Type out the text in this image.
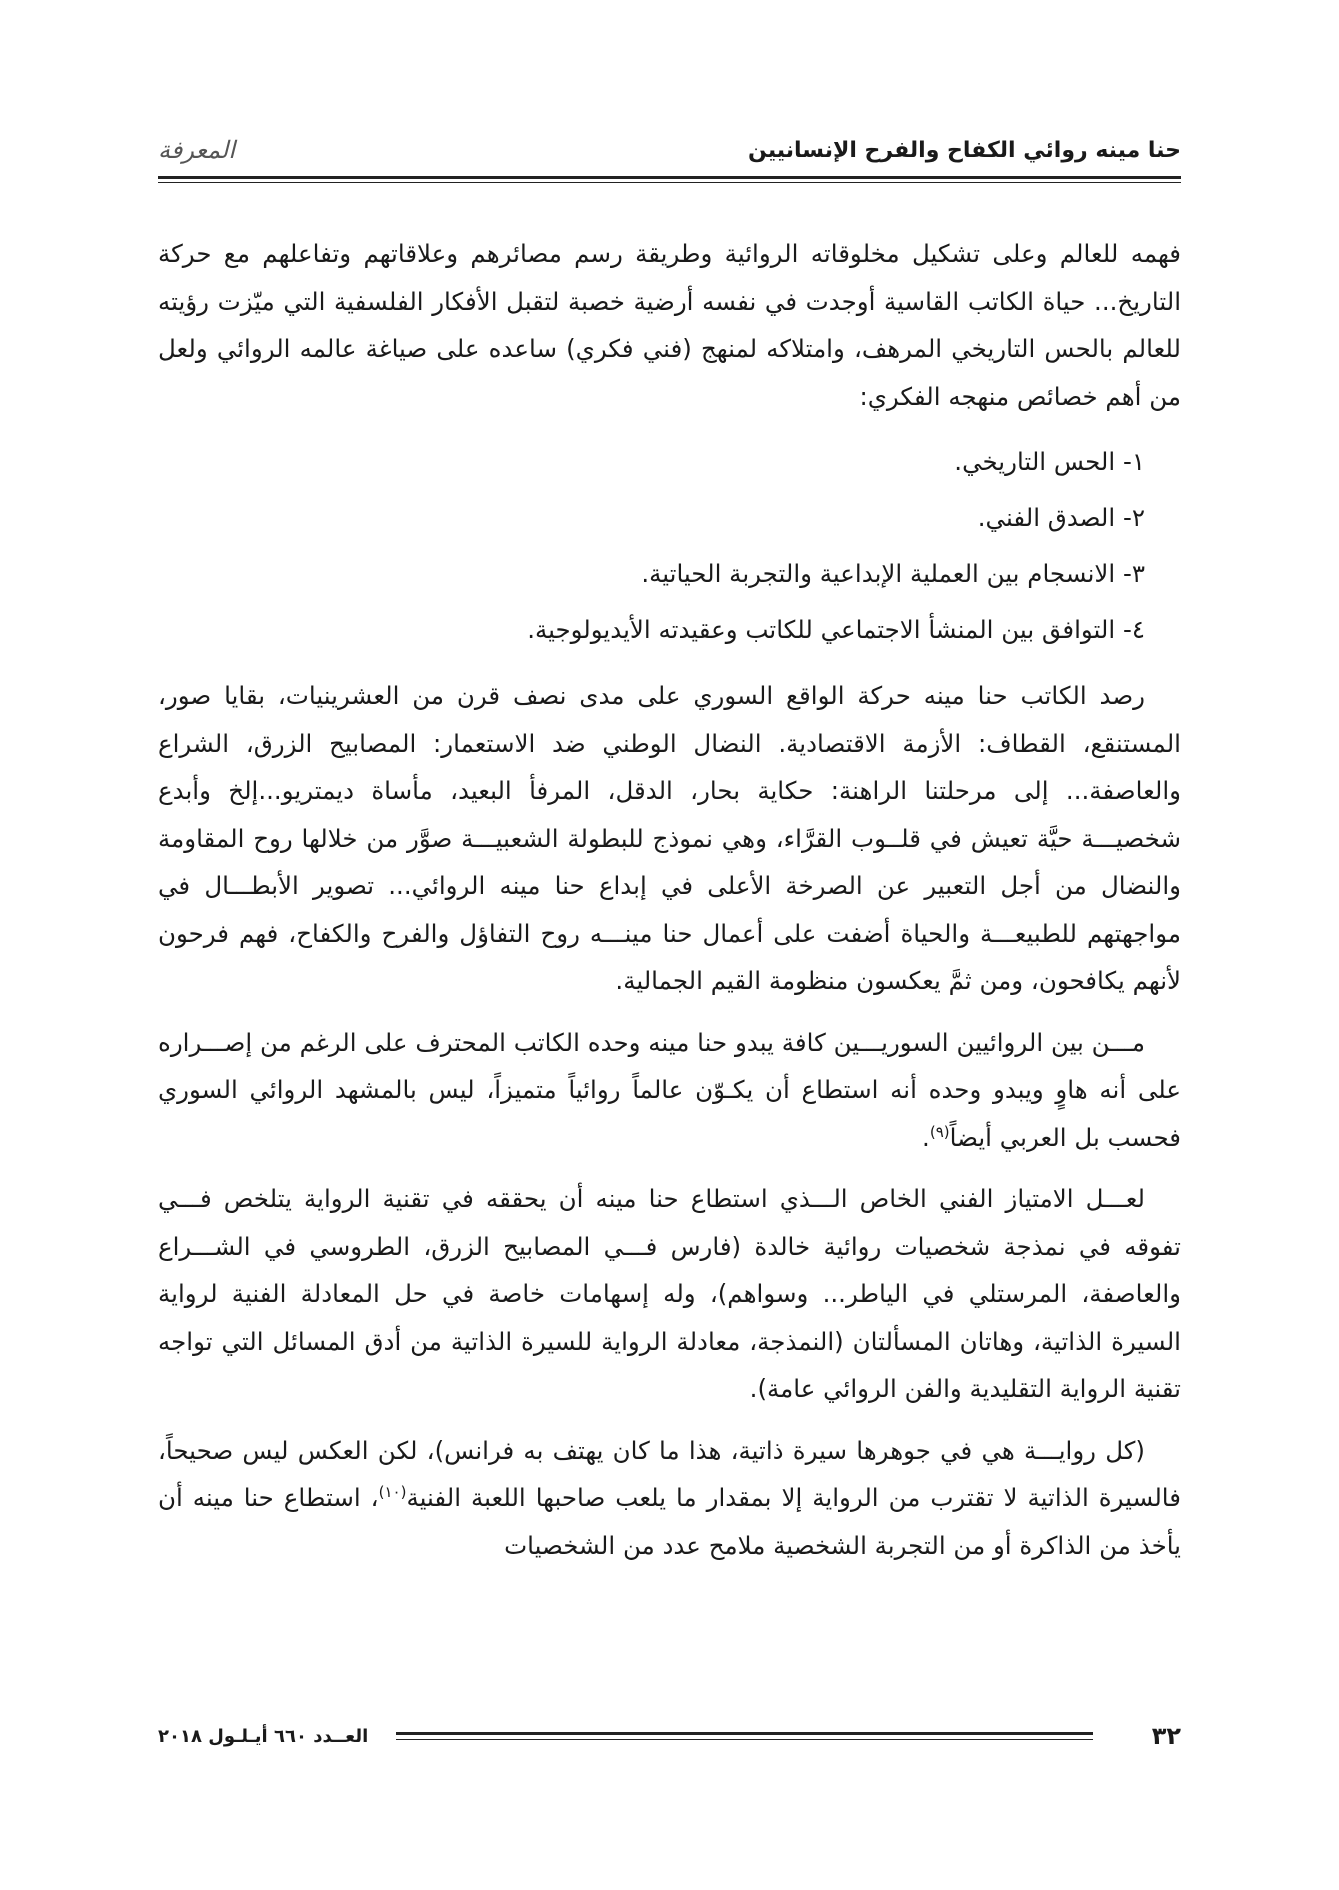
حنا مينه روائي الكفاح والفرح الإنسانيين
المعرفة

فهمه للعالم وعلى تشكيل مخلوقاته الروائية وطريقة رسم مصائرهم وعلاقاتهم وتفاعلهم مع حركة التاريخ... حياة الكاتب القاسية أوجدت في نفسه أرضية خصبة لتقبل الأفكار الفلسفية التي ميّزت رؤيته للعالم بالحس التاريخي المرهف، وامتلاكه لمنهج (فني فكري) ساعده على صياغة عالمه الروائي ولعل من أهم خصائص منهجه الفكري:

١- الحس التاريخي.
٢- الصدق الفني.
٣- الانسجام بين العملية الإبداعية والتجربة الحياتية.
٤- التوافق بين المنشأ الاجتماعي للكاتب وعقيدته الأيديولوجية.

رصد الكاتب حنا مينه حركة الواقع السوري على مدى نصف قرن من العشرينيات، بقايا صور، المستنقع، القطاف: الأزمة الاقتصادية. النضال الوطني ضد الاستعمار: المصابيح الزرق، الشراع والعاصفة... إلى مرحلتنا الراهنة: حكاية بحار، الدقل، المرفأ البعيد، مأساة ديمتريو...إلخ وأبدع شخصيـــة حيَّة تعيش في قلــوب القرَّاء، وهي نموذج للبطولة الشعبيـــة صوَّر من خلالها روح المقاومة والنضال من أجل التعبير عن الصرخة الأعلى في إبداع حنا مينه الروائي... تصوير الأبطـــال في مواجهتهم للطبيعـــة والحياة أضفت على أعمال حنا مينـــه روح التفاؤل والفرح والكفاح، فهم فرحون لأنهم يكافحون، ومن ثمَّ يعكسون منظومة القيم الجمالية.

مـــن بين الروائيين السوريـــين كافة يبدو حنا مينه وحده الكاتب المحترف على الرغم من إصـــراره على أنه هاوٍ ويبدو وحده أنه استطاع أن يكـوّن عالماً روائياً متميزاً، ليس بالمشهد الروائي السوري فحسب بل العربي أيضاً$^{(٩)}$.

لعـــل الامتياز الفني الخاص الـــذي استطاع حنا مينه أن يحققه في تقنية الرواية يتلخص فـــي تفوقه في نمذجة شخصيات روائية خالدة (فارس فـــي المصابيح الزرق، الطروسي في الشـــراع والعاصفة، المرستلي في الياطر... وسواهم)، وله إسهامات خاصة في حل المعادلة الفنية لرواية السيرة الذاتية، وهاتان المسألتان (النمذجة، معادلة الرواية للسيرة الذاتية من أدق المسائل التي تواجه تقنية الرواية التقليدية والفن الروائي عامة).

(كل روايـــة هي في جوهرها سيرة ذاتية، هذا ما كان يهتف به فرانس)، لكن العكس ليس صحيحاً، فالسيرة الذاتية لا تقترب من الرواية إلا بمقدار ما يلعب صاحبها اللعبة الفنية$^{(١٠)}$، استطاع حنا مينه أن يأخذ من الذاكرة أو من التجربة الشخصية ملامح عدد من الشخصيات

٣٢
العــدد ٦٦٠ أيـلـول ٢٠١٨
